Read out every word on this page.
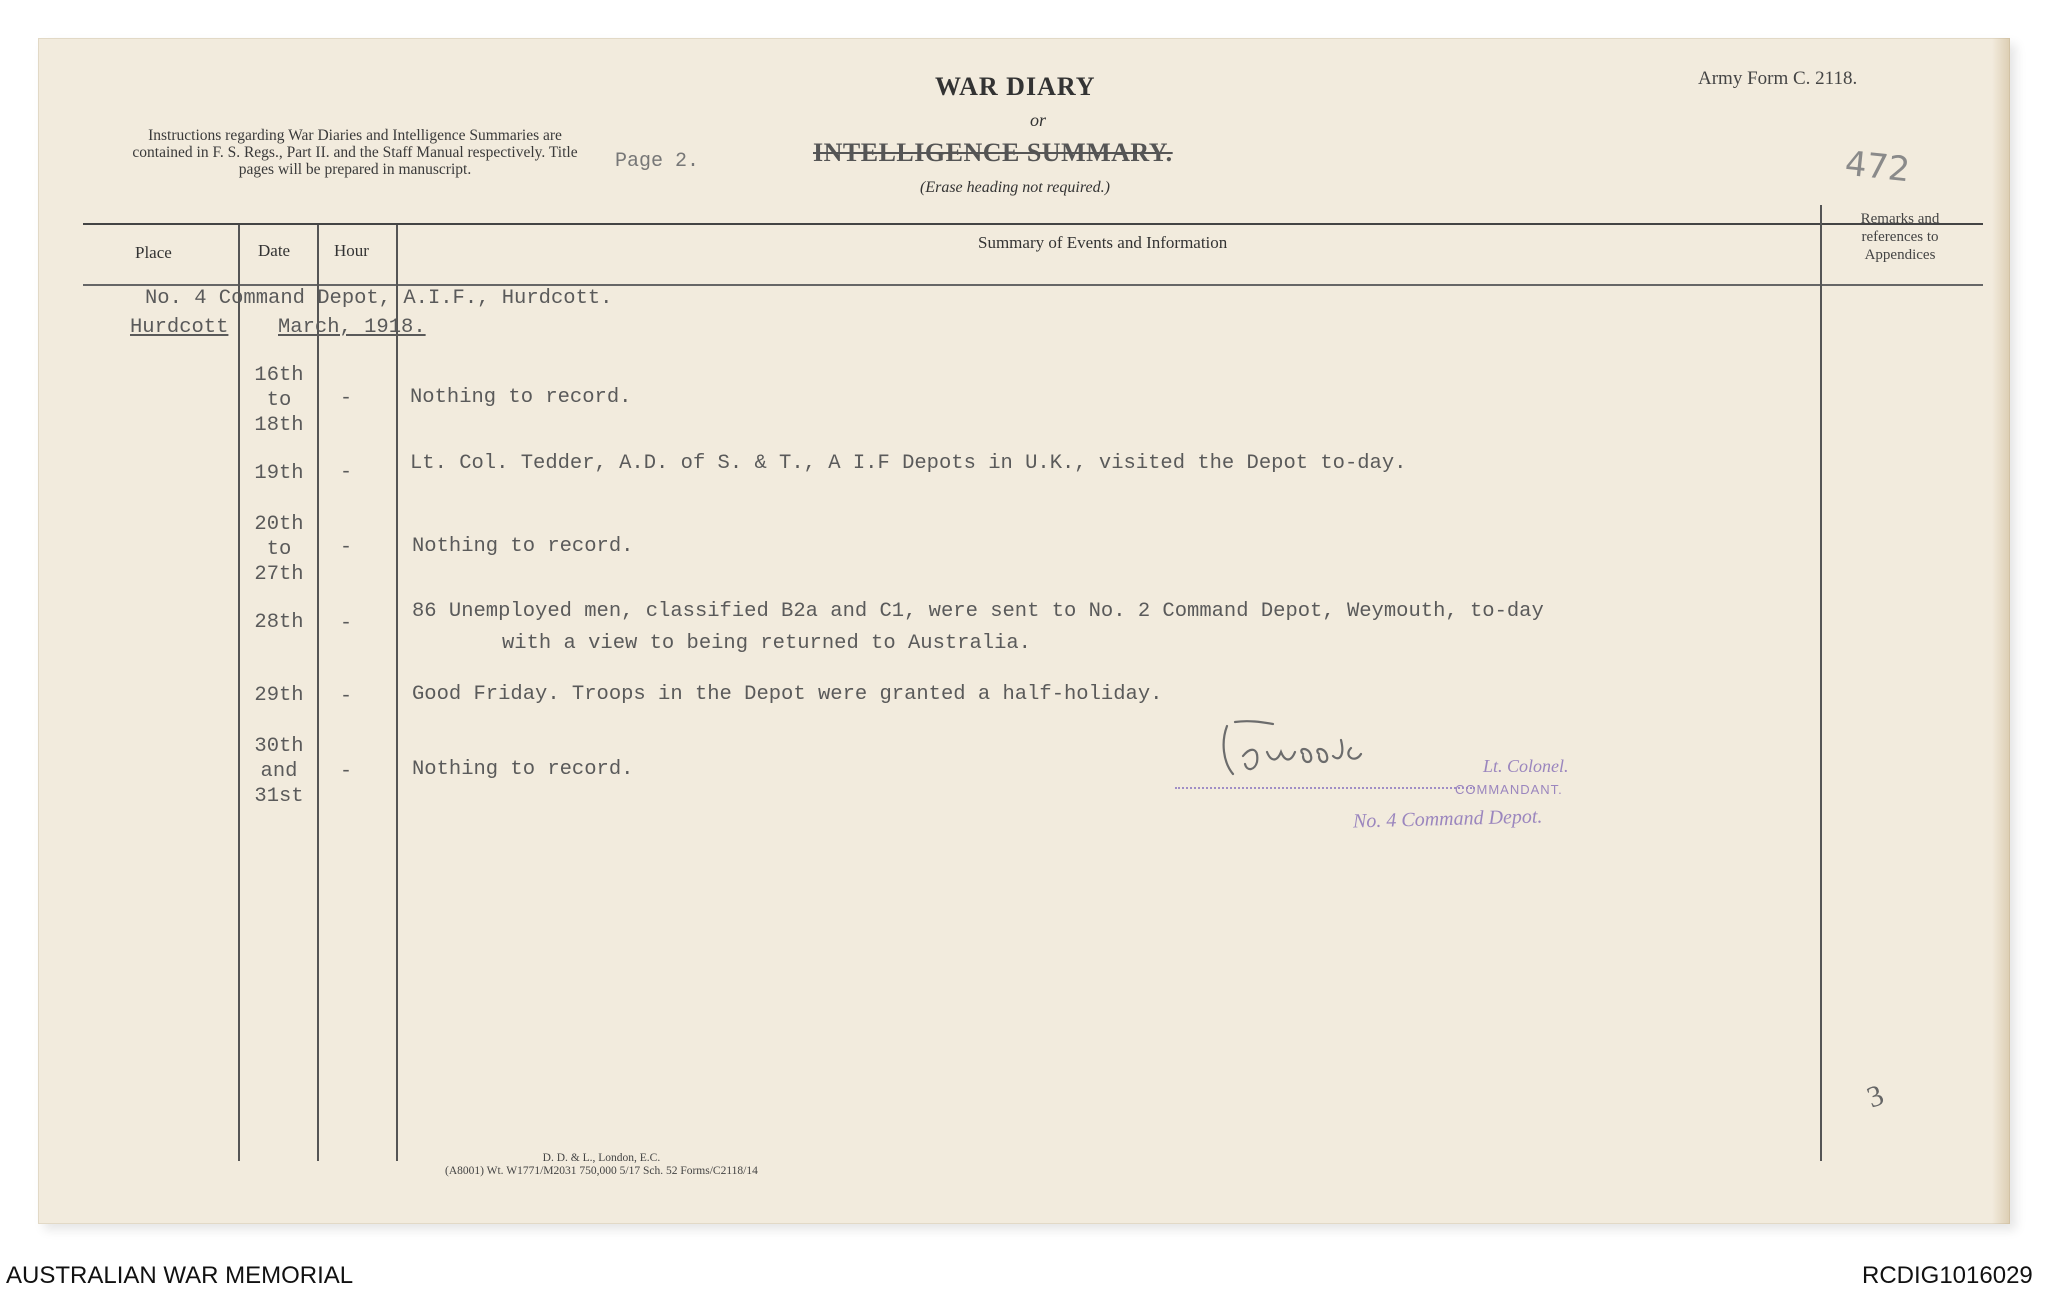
Instructions regarding War Diaries and Intelligence Summaries are contained in F. S. Regs., Part II. and the Staff Manual respectively. Title pages will be prepared in manuscript.
Army Form C. 2118.
WAR DIARY
or
INTELLIGENCE SUMMARY.
(Erase heading not required.)
Page 2.	472
Place	Date	Hour	Summary of Events and Information
Remarks and references to Appendices
No. 4 Command Depot, A.I.F., Hurdcott.
Hurdcott March, 1918.
16th
to
18th
-	Nothing to record.
19th	-	Lt. Col. Tedder, A.D. of S. & T., A I.F Depots in U.K., visited the Depot to-day.
20th
to
27th
-	Nothing to record.
28th	-
86 Unemployed men, classified B2a and C1, were sent to No. 2 Command Depot, Weymouth, to-day
with a view to being returned to Australia.
29th	-	Good Friday. Troops in the Depot were granted a half-holiday.
30th
and
31st
-	Nothing to record.	Lt. Colonel.
COMMANDANT.
No. 4 Command Depot.
D. D. & L., London, E.C.
(A8001) Wt. W1771/M2031 750,000 5/17 Sch. 52 Forms/C2118/14
3
AUSTRALIAN WAR MEMORIAL	RCDIG1016029
